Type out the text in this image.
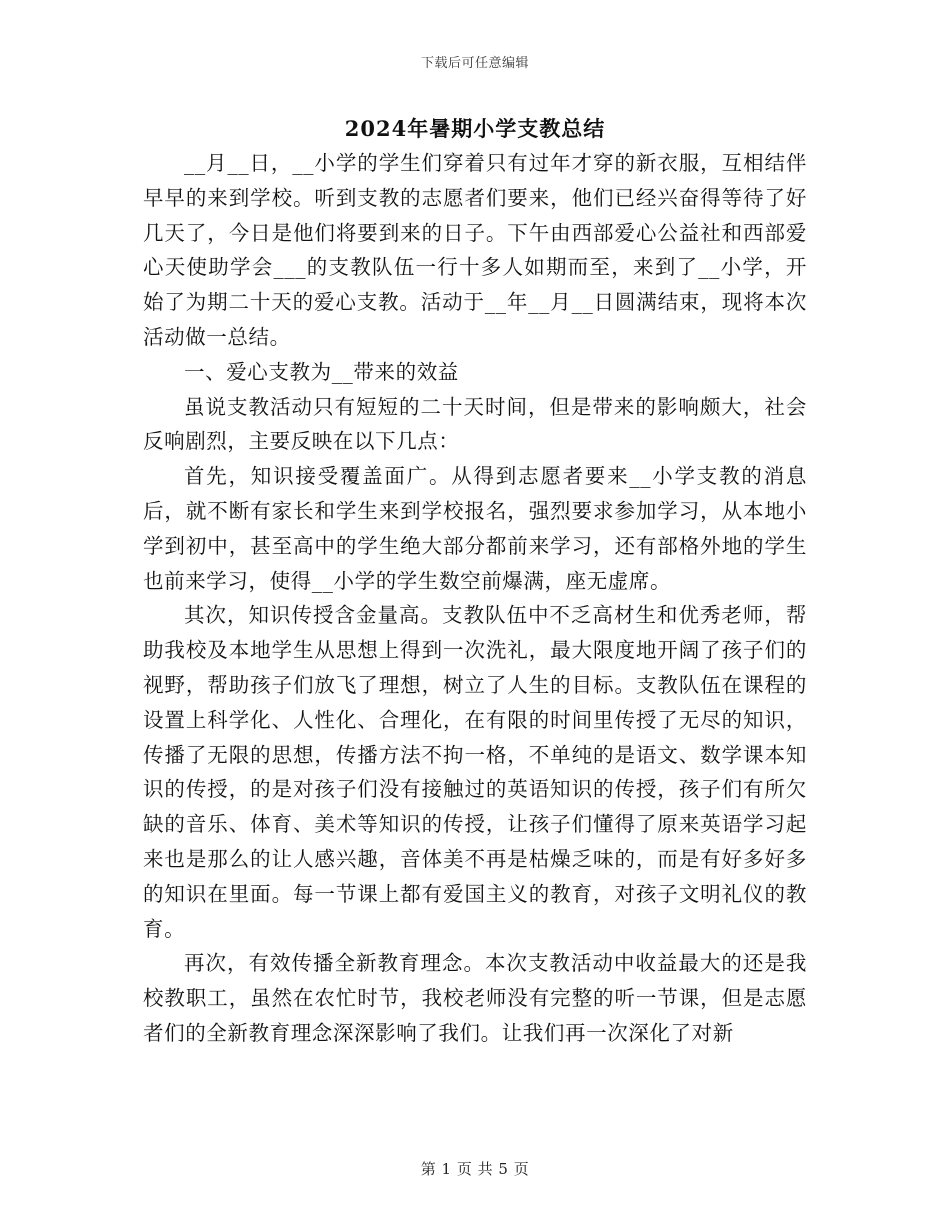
下载后可任意编辑
2024年暑期小学支教总结

__月__日，__小学的学生们穿着只有过年才穿的新衣服，互相结伴早早的来到学校。听到支教的志愿者们要来，他们已经兴奋得等待了好几天了，今日是他们将要到来的日子。下午由西部爱心公益社和西部爱心天使助学会___的支教队伍一行十多人如期而至，来到了__小学，开始了为期二十天的爱心支教。活动于__年__月__日圆满结束，现将本次活动做一总结。

一、爱心支教为__带来的效益

虽说支教活动只有短短的二十天时间，但是带来的影响颇大，社会反响剧烈，主要反映在以下几点：

首先，知识接受覆盖面广。从得到志愿者要来__小学支教的消息后，就不断有家长和学生来到学校报名，强烈要求参加学习，从本地小学到初中，甚至高中的学生绝大部分都前来学习，还有部格外地的学生也前来学习，使得__小学的学生数空前爆满，座无虚席。

其次，知识传授含金量高。支教队伍中不乏高材生和优秀老师，帮助我校及本地学生从思想上得到一次洗礼，最大限度地开阔了孩子们的视野，帮助孩子们放飞了理想，树立了人生的目标。支教队伍在课程的设置上科学化、人性化、合理化，在有限的时间里传授了无尽的知识，传播了无限的思想，传播方法不拘一格，不单纯的是语文、数学课本知识的传授，的是对孩子们没有接触过的英语知识的传授，孩子们有所欠缺的音乐、体育、美术等知识的传授，让孩子们懂得了原来英语学习起来也是那么的让人感兴趣，音体美不再是枯燥乏味的，而是有好多好多的知识在里面。每一节课上都有爱国主义的教育，对孩子文明礼仪的教育。

再次，有效传播全新教育理念。本次支教活动中收益最大的还是我校教职工，虽然在农忙时节，我校老师没有完整的听一节课，但是志愿者们的全新教育理念深深影响了我们。让我们再一次深化了对新

第 1 页 共 5 页
